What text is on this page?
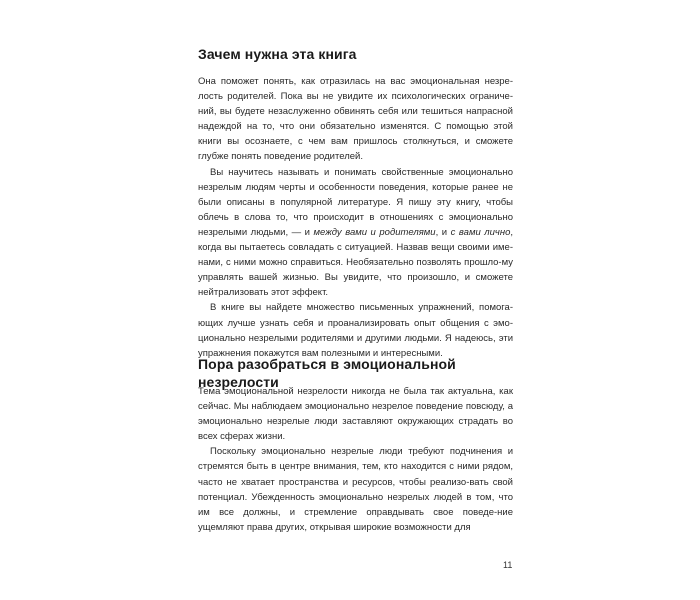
Зачем нужна эта книга

Она поможет понять, как отразилась на вас эмоциональная незре-лость родителей. Пока вы не увидите их психологических ограниче-ний, вы будете незаслуженно обвинять себя или тешиться напрасной надеждой на то, что они обязательно изменятся. С помощью этой книги вы осознаете, с чем вам пришлось столкнуться, и сможете глубже понять поведение родителей.

Вы научитесь называть и понимать свойственные эмоционально незрелым людям черты и особенности поведения, которые ранее не были описаны в популярной литературе. Я пишу эту книгу, чтобы облечь в слова то, что происходит в отношениях с эмоционально незрелыми людьми, — и между вами и родителями, и с вами лично, когда вы пытаетесь совладать с ситуацией. Назвав вещи своими име-нами, с ними можно справиться. Необязательно позволять прошло-му управлять вашей жизнью. Вы увидите, что произошло, и сможете нейтрализовать этот эффект.

В книге вы найдете множество письменных упражнений, помога-ющих лучше узнать себя и проанализировать опыт общения с эмо-ционально незрелыми родителями и другими людьми. Я надеюсь, эти упражнения покажутся вам полезными и интересными.

Пора разобраться в эмоциональной незрелости

Тема эмоциональной незрелости никогда не была так актуальна, как сейчас. Мы наблюдаем эмоционально незрелое поведение повсюду, а эмоционально незрелые люди заставляют окружающих страдать во всех сферах жизни.

Поскольку эмоционально незрелые люди требуют подчинения и стремятся быть в центре внимания, тем, кто находится с ними рядом, часто не хватает пространства и ресурсов, чтобы реализо-вать свой потенциал. Убежденность эмоционально незрелых людей в том, что им все должны, и стремление оправдывать свое поведе-ние ущемляют права других, открывая широкие возможности для

11
